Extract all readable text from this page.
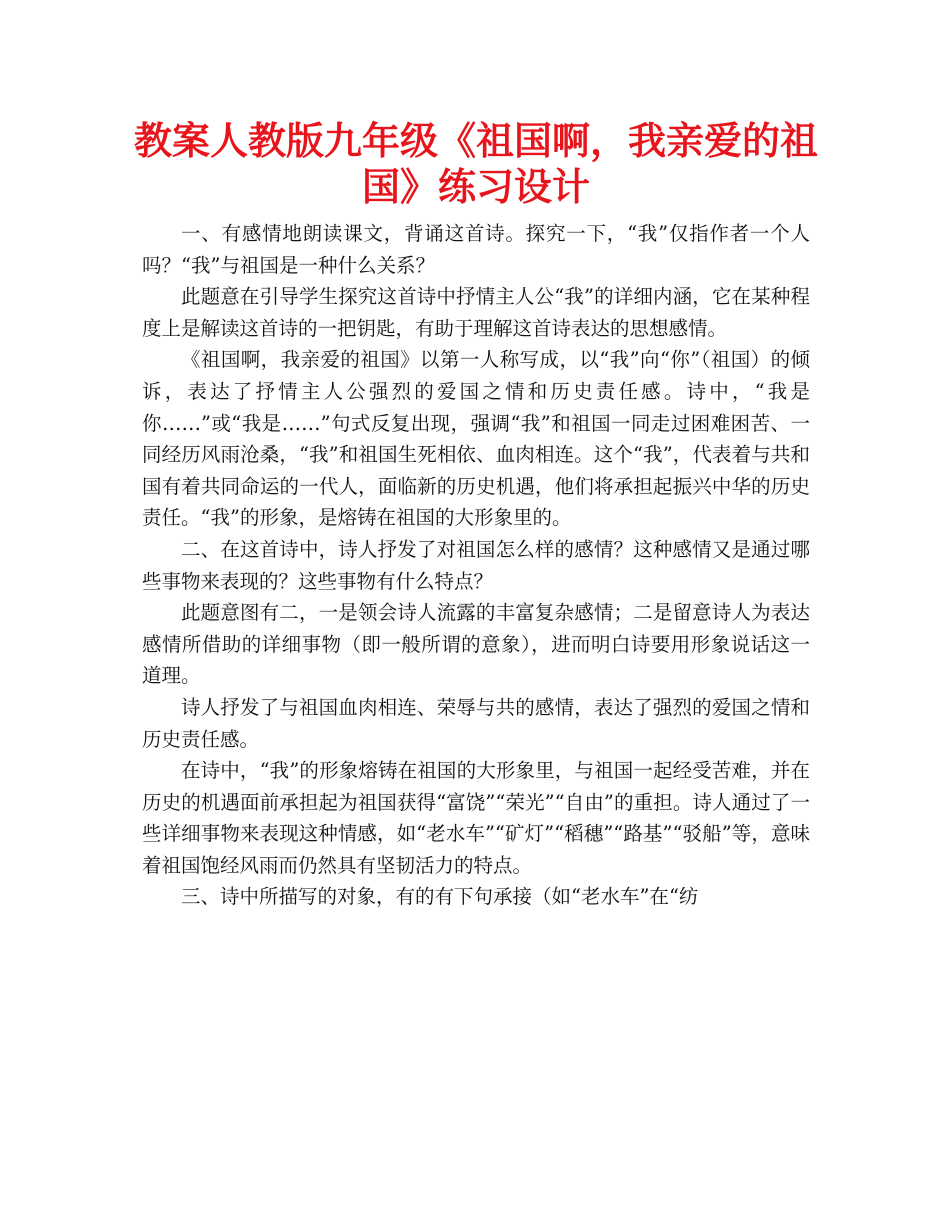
教案人教版九年级《祖国啊，我亲爱的祖国》练习设计

一、有感情地朗读课文，背诵这首诗。探究一下，“我”仅指作者一个人吗？“我”与祖国是一种什么关系？

此题意在引导学生探究这首诗中抒情主人公“我”的详细内涵，它在某种程度上是解读这首诗的一把钥匙，有助于理解这首诗表达的思想感情。

《祖国啊，我亲爱的祖国》以第一人称写成，以“我”向“你”（祖国）的倾诉，表达了抒情主人公强烈的爱国之情和历史责任感。诗中，“我是你……”或“我是……”句式反复出现，强调“我”和祖国一同走过困难困苦、一同经历风雨沧桑，“我”和祖国生死相依、血肉相连。这个“我”，代表着与共和国有着共同命运的一代人，面临新的历史机遇，他们将承担起振兴中华的历史责任。“我”的形象，是熔铸在祖国的大形象里的。

二、在这首诗中，诗人抒发了对祖国怎么样的感情？这种感情又是通过哪些事物来表现的？这些事物有什么特点？

此题意图有二，一是领会诗人流露的丰富复杂感情；二是留意诗人为表达感情所借助的详细事物（即一般所谓的意象），进而明白诗要用形象说话这一道理。

诗人抒发了与祖国血肉相连、荣辱与共的感情，表达了强烈的爱国之情和历史责任感。

在诗中，“我”的形象熔铸在祖国的大形象里，与祖国一起经受苦难，并在历史的机遇面前承担起为祖国获得“富饶”“荣光”“自由”的重担。诗人通过了一些详细事物来表现这种情感，如“老水车”“矿灯”“稻穗”“路基”“驳船”等，意味着祖国饱经风雨而仍然具有坚韧活力的特点。

三、诗中所描写的对象，有的有下句承接（如“老水车”在“纺
